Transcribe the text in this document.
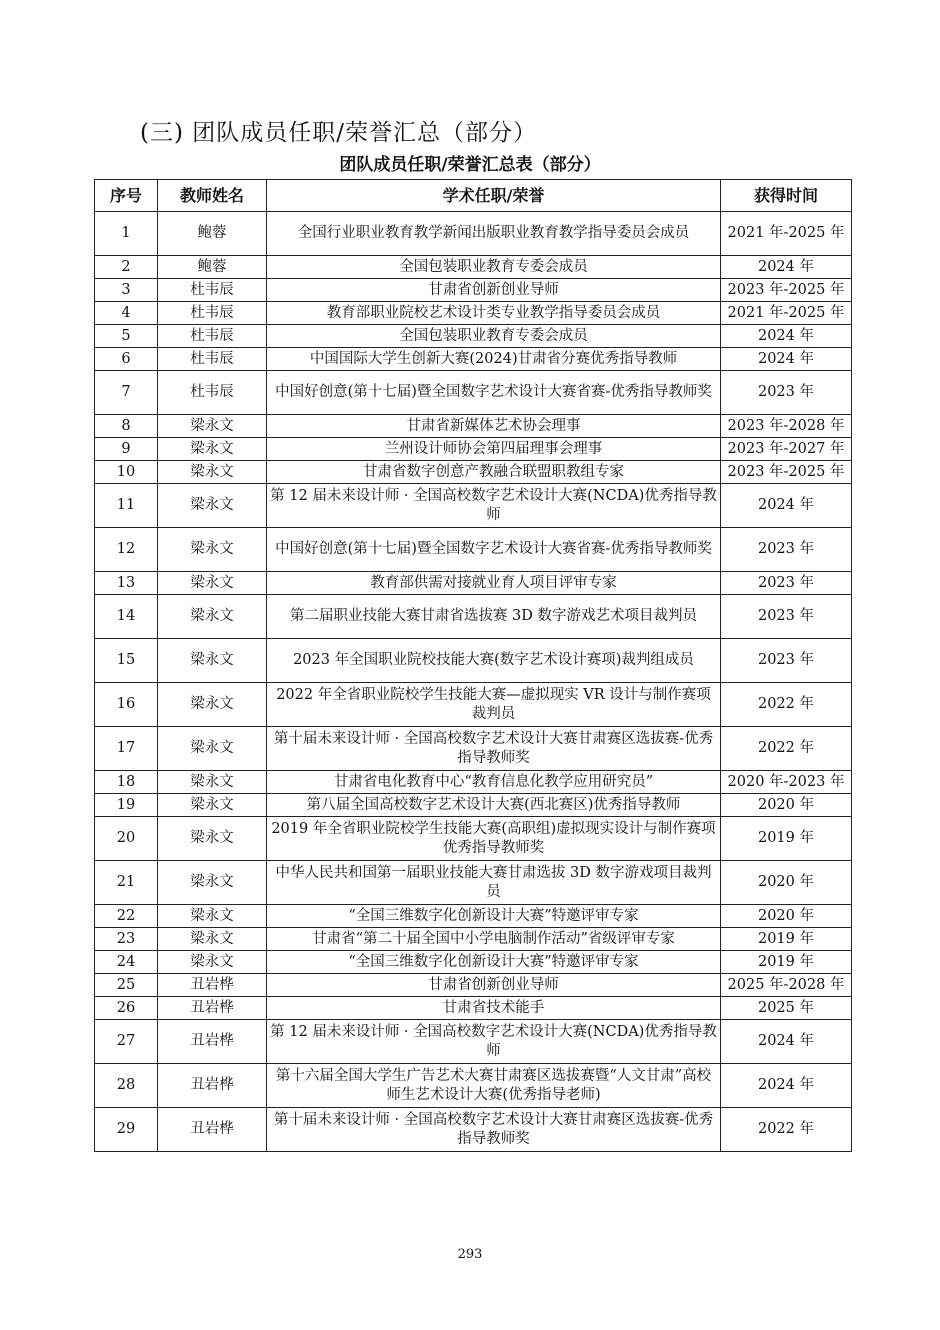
(三) 团队成员任职/荣誉汇总（部分）
团队成员任职/荣誉汇总表（部分）
序号	教师姓名	学术任职/荣誉	获得时间
1	鲍蓉	全国行业职业教育教学新闻出版职业教育教学指导委员会成员	2021 年-2025 年
2	鲍蓉	全国包装职业教育专委会成员	2024 年
3	杜韦辰	甘肃省创新创业导师	2023 年-2025 年
4	杜韦辰	教育部职业院校艺术设计类专业教学指导委员会成员	2021 年-2025 年
5	杜韦辰	全国包装职业教育专委会成员	2024 年
6	杜韦辰	中国国际大学生创新大赛(2024)甘肃省分赛优秀指导教师	2024 年
7	杜韦辰	中国好创意(第十七届)暨全国数字艺术设计大赛省赛-优秀指导教师奖	2023 年
8	梁永文	甘肃省新媒体艺术协会理事	2023 年-2028 年
9	梁永文	兰州设计师协会第四届理事会理事	2023 年-2027 年
10	梁永文	甘肃省数字创意产教融合联盟职教组专家	2023 年-2025 年
11	梁永文	第 12 届未来设计师 · 全国高校数字艺术设计大赛(NCDA)优秀指导教师	2024 年
12	梁永文	中国好创意(第十七届)暨全国数字艺术设计大赛省赛-优秀指导教师奖	2023 年
13	梁永文	教育部供需对接就业育人项目评审专家	2023 年
14	梁永文	第二届职业技能大赛甘肃省选拔赛 3D 数字游戏艺术项目裁判员	2023 年
15	梁永文	2023 年全国职业院校技能大赛(数字艺术设计赛项)裁判组成员	2023 年
16	梁永文	2022 年全省职业院校学生技能大赛—虚拟现实 VR 设计与制作赛项裁判员	2022 年
17	梁永文	第十届未来设计师 · 全国高校数字艺术设计大赛甘肃赛区选拔赛-优秀指导教师奖	2022 年
18	梁永文	甘肃省电化教育中心“教育信息化教学应用研究员”	2020 年-2023 年
19	梁永文	第八届全国高校数字艺术设计大赛(西北赛区)优秀指导教师	2020 年
20	梁永文	2019 年全省职业院校学生技能大赛(高职组)虚拟现实设计与制作赛项优秀指导教师奖	2019 年
21	梁永文	中华人民共和国第一届职业技能大赛甘肃选拔 3D 数字游戏项目裁判员	2020 年
22	梁永文	“全国三维数字化创新设计大赛”特邀评审专家	2020 年
23	梁永文	甘肃省“第二十届全国中小学电脑制作活动”省级评审专家	2019 年
24	梁永文	“全国三维数字化创新设计大赛”特邀评审专家	2019 年
25	丑岩桦	甘肃省创新创业导师	2025 年-2028 年
26	丑岩桦	甘肃省技术能手	2025 年
27	丑岩桦	第 12 届未来设计师 · 全国高校数字艺术设计大赛(NCDA)优秀指导教师	2024 年
28	丑岩桦	第十六届全国大学生广告艺术大赛甘肃赛区选拔赛暨“人文甘肃”高校师生艺术设计大赛(优秀指导老师)	2024 年
29	丑岩桦	第十届未来设计师 · 全国高校数字艺术设计大赛甘肃赛区选拔赛-优秀指导教师奖	2022 年
293
